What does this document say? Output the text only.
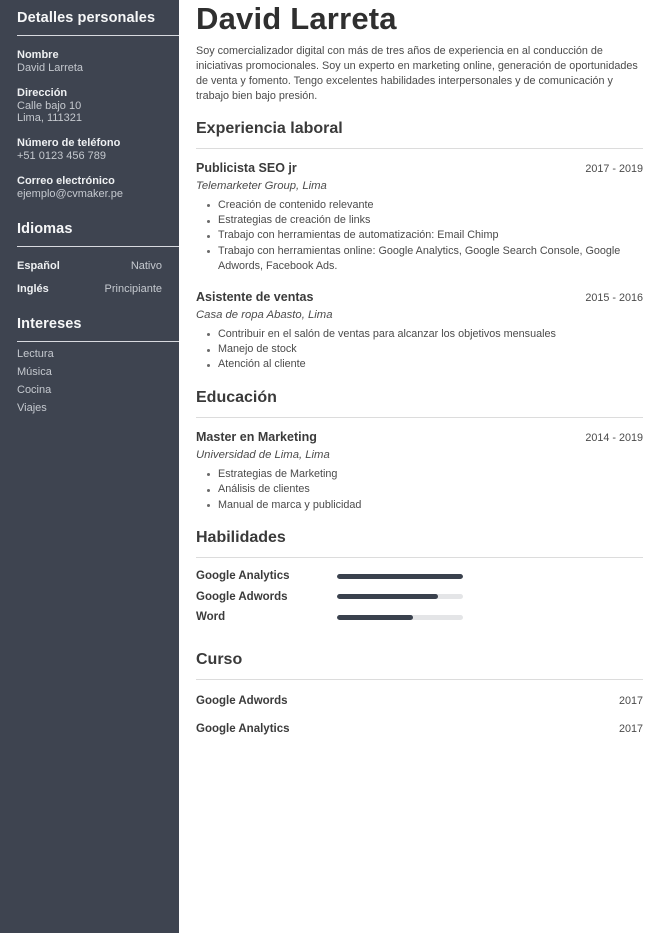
Detalles personales
Nombre
David Larreta
Dirección
Calle bajo 10
Lima, 111321
Número de teléfono
+51 0123 456 789
Correo electrónico
ejemplo@cvmaker.pe
Idiomas
Español	Nativo
Inglés	Principiante
Intereses
Lectura
Música
Cocina
Viajes
David Larreta

Soy comercializador digital con más de tres años de experiencia en al conducción de iniciativas promocionales. Soy un experto en marketing online, generación de oportunidades de venta y fomento. Tengo excelentes habilidades interpersonales y de comunicación y trabajo bien bajo presión.

Experiencia laboral
Publicista SEO jr	2017 - 2019
Telemarketer Group, Lima
Creación de contenido relevante
Estrategias de creación de links
Trabajo con herramientas de automatización: Email Chimp
Trabajo con herramientas online: Google Analytics, Google Search Console, Google Adwords, Facebook Ads.
Asistente de ventas	2015 - 2016
Casa de ropa Abasto, Lima
Contribuir en el salón de ventas para alcanzar los objetivos mensuales
Manejo de stock
Atención al cliente
Educación
Master en Marketing	2014 - 2019
Universidad de Lima, Lima
Estrategias de Marketing
Análisis de clientes
Manual de marca y publicidad
Habilidades
Google Analytics
Google Adwords
Word
Curso
Google Adwords	2017
Google Analytics	2017
